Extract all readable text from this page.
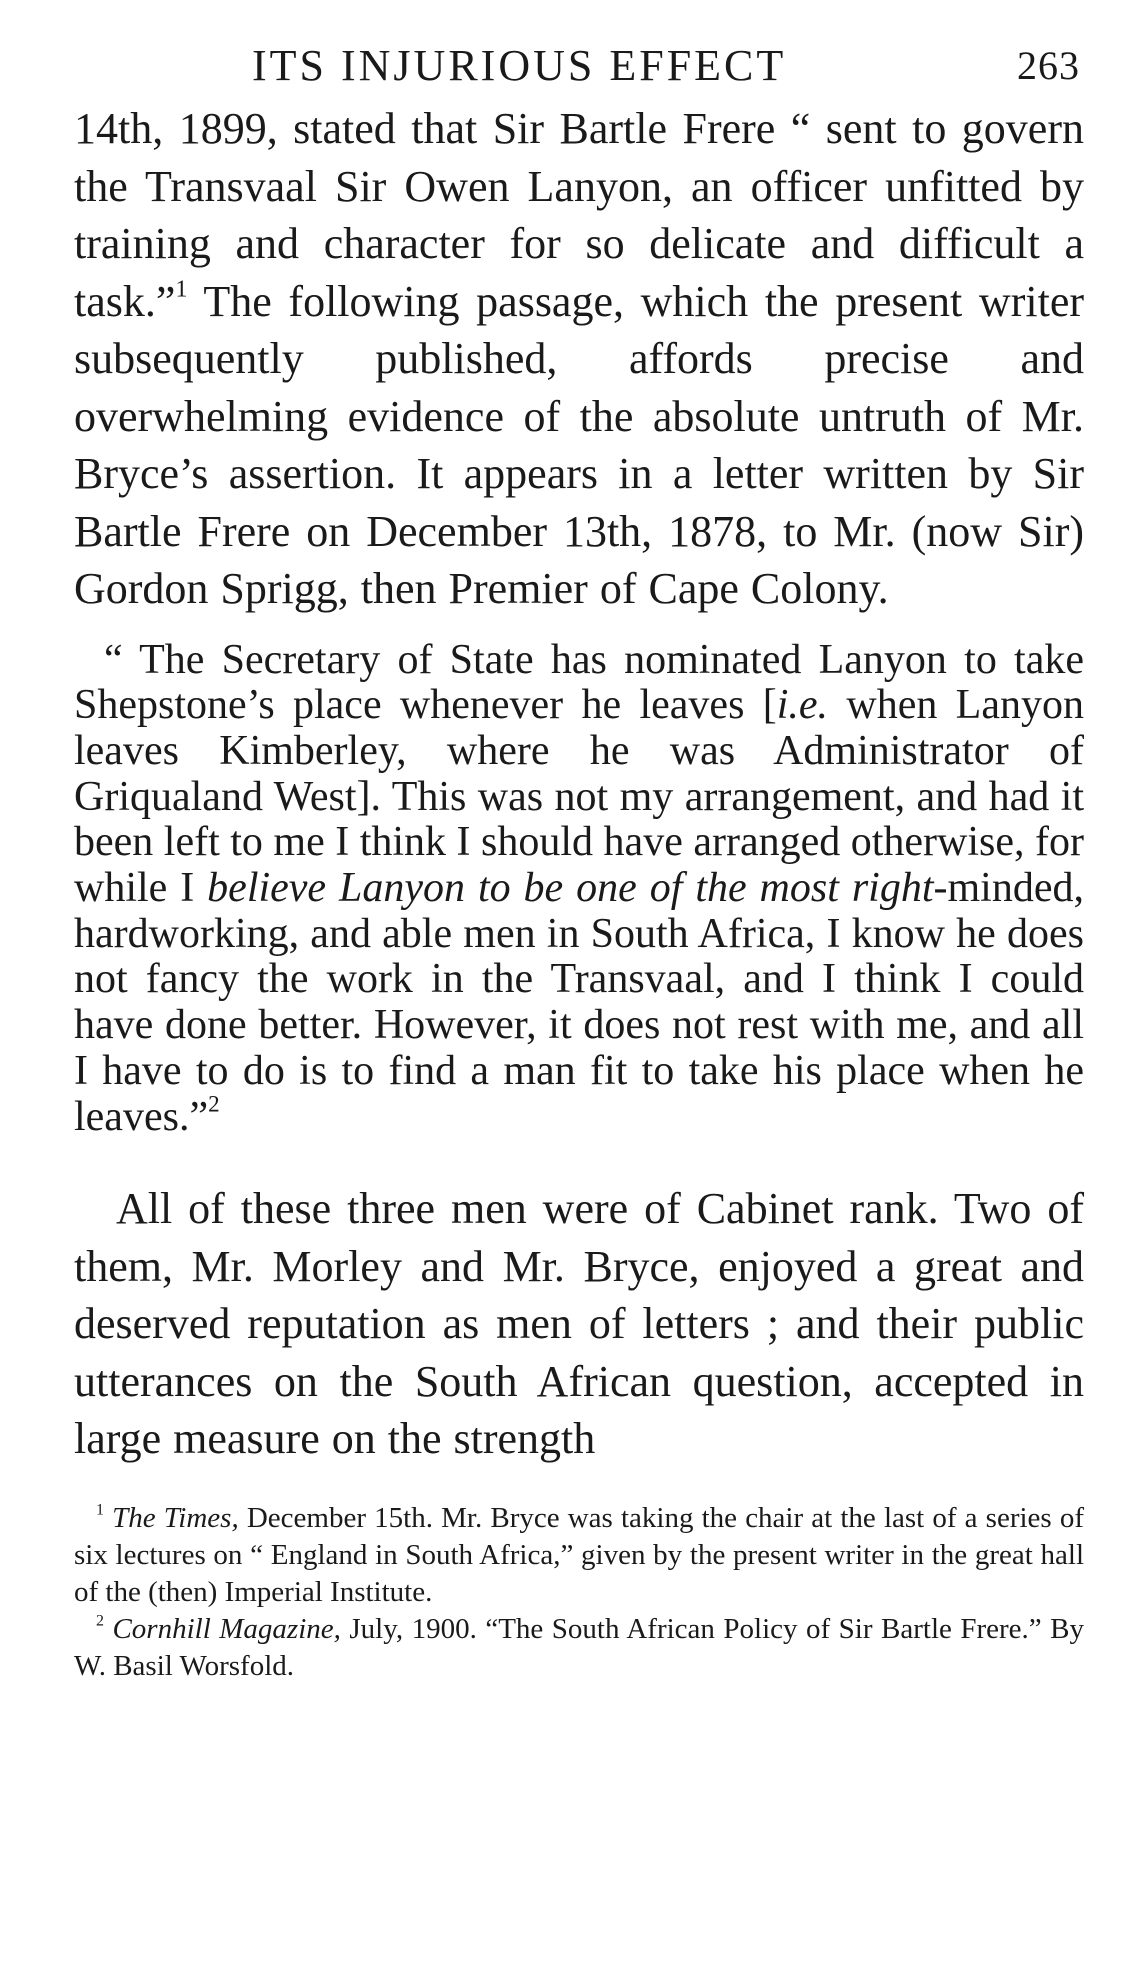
ITS INJURIOUS EFFECT	263

14th, 1899, stated that Sir Bartle Frere “ sent to govern the Transvaal Sir Owen Lanyon, an officer unfitted by training and character for so delicate and difficult a task.”$^1$ The following passage, which the present writer subsequently published, affords precise and overwhelming evidence of the absolute untruth of Mr. Bryce’s assertion. It appears in a letter written by Sir Bartle Frere on December 13th, 1878, to Mr. (now Sir) Gordon Sprigg, then Premier of Cape Colony.

“ The Secretary of State has nominated Lanyon to take Shepstone’s place whenever he leaves [i.e. when Lanyon leaves Kimberley, where he was Administrator of Griqualand West]. This was not my arrangement, and had it been left to me I think I should have arranged otherwise, for while I believe Lanyon to be one of the most right-minded, hardworking, and able men in South Africa, I know he does not fancy the work in the Transvaal, and I think I could have done better. However, it does not rest with me, and all I have to do is to find a man fit to take his place when he leaves.”$^2$

All of these three men were of Cabinet rank. Two of them, Mr. Morley and Mr. Bryce, enjoyed a great and deserved reputation as men of letters ; and their public utterances on the South African question, accepted in large measure on the strength

$^1$ The Times, December 15th. Mr. Bryce was taking the chair at the last of a series of six lectures on “ England in South Africa,” given by the present writer in the great hall of the (then) Imperial Institute.

$^2$ Cornhill Magazine, July, 1900. “The South African Policy of Sir Bartle Frere.” By W. Basil Worsfold.
